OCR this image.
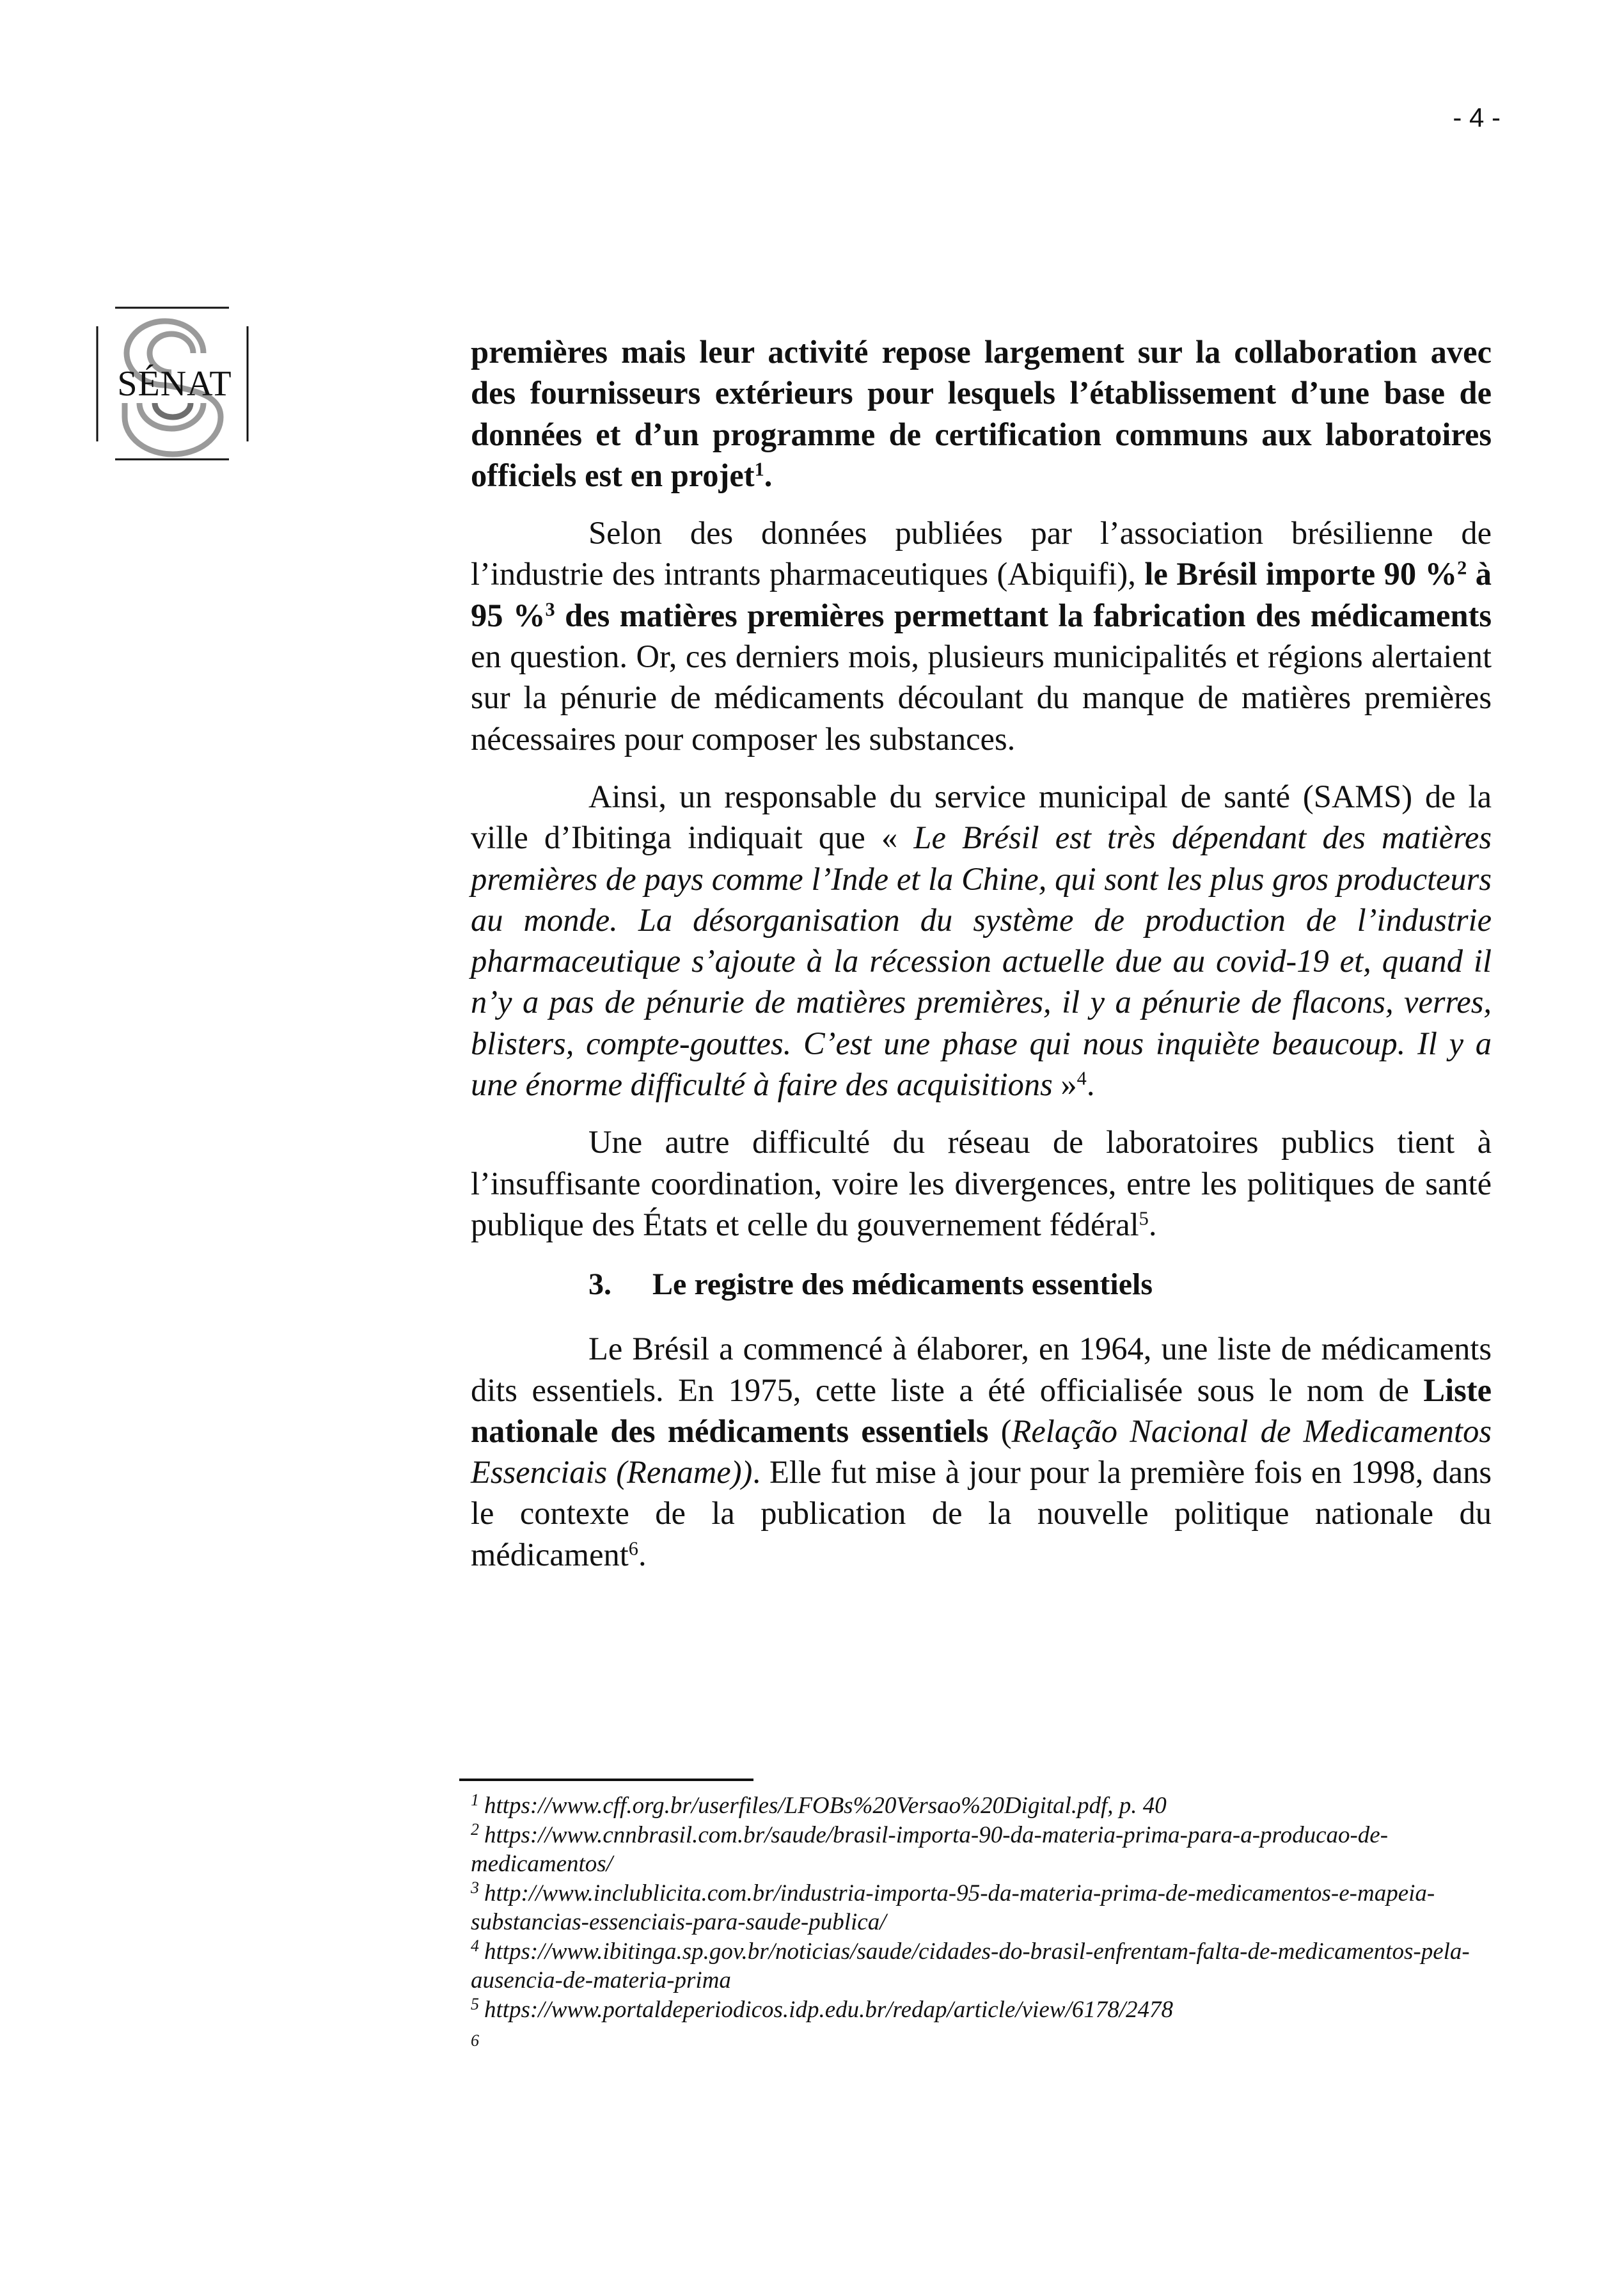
- 4 -
SÉNAT

premières mais leur activité repose largement sur la collaboration avec des fournisseurs extérieurs pour lesquels l’établissement d’une base de données et d’un programme de certification communs aux laboratoires officiels est en projet$^1$.

Selon des données publiées par l’association brésilienne de l’industrie des intrants pharmaceutiques (Abiquifi), le Brésil importe 90 %$^2$ à 95 %$^3$ des matières premières permettant la fabrication des médicaments en question. Or, ces derniers mois, plusieurs municipalités et régions alertaient sur la pénurie de médicaments découlant du manque de matières premières nécessaires pour composer les substances.

Ainsi, un responsable du service municipal de santé (SAMS) de la ville d’Ibitinga indiquait que « Le Brésil est très dépendant des matières premières de pays comme l’Inde et la Chine, qui sont les plus gros producteurs au monde. La désorganisation du système de production de l’industrie pharmaceutique s’ajoute à la récession actuelle due au covid-19 et, quand il n’y a pas de pénurie de matières premières, il y a pénurie de flacons, verres, blisters, compte-gouttes. C’est une phase qui nous inquiète beaucoup. Il y a une énorme difficulté à faire des acquisitions »$^4$.

Une autre difficulté du réseau de laboratoires publics tient à l’insuffisante coordination, voire les divergences, entre les politiques de santé publique des États et celle du gouvernement fédéral$^5$.

3. Le registre des médicaments essentiels

Le Brésil a commencé à élaborer, en 1964, une liste de médicaments dits essentiels. En 1975, cette liste a été officialisée sous le nom de Liste nationale des médicaments essentiels (Relação Nacional de Medicamentos Essenciais (Rename)). Elle fut mise à jour pour la première fois en 1998, dans le contexte de la publication de la nouvelle politique nationale du médicament$^6$.

$^1$ https://www.cff.org.br/userfiles/LFOBs%20Versao%20Digital.pdf, p. 40

$^2$ https://www.cnnbrasil.com.br/saude/brasil-importa-90-da-materia-prima-para-a-producao-de-medicamentos/

$^3$ http://www.inclublicita.com.br/industria-importa-95-da-materia-prima-de-medicamentos-e-mapeia-substancias-essenciais-para-saude-publica/

$^4$ https://www.ibitinga.sp.gov.br/noticias/saude/cidades-do-brasil-enfrentam-falta-de-medicamentos-pela-ausencia-de-materia-prima

$^5$ https://www.portaldeperiodicos.idp.edu.br/redap/article/view/6178/2478

6
